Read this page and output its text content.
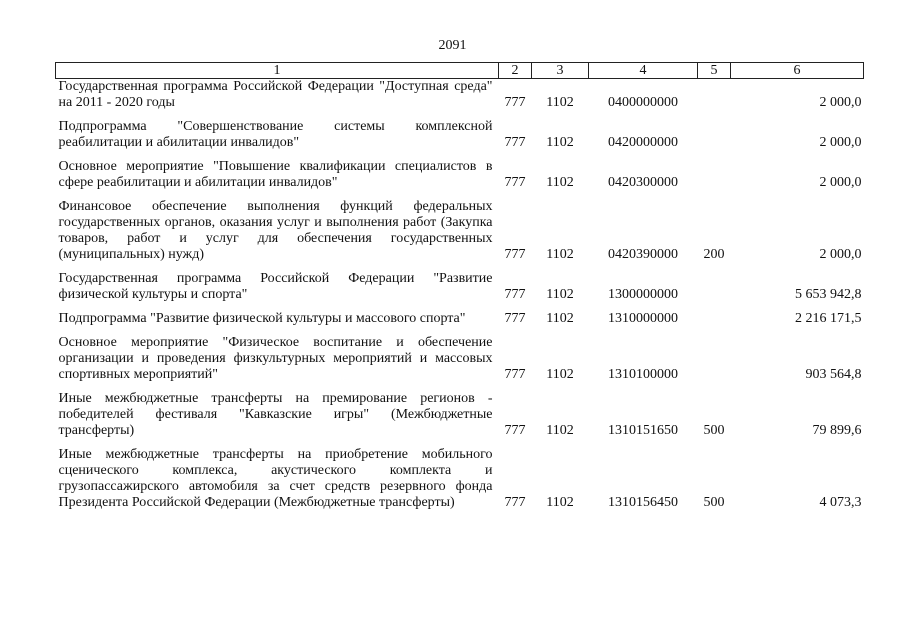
2091
1	2	3	4	5	6
Государственная программа Российской Федерации "Доступная среда" на 2011 - 2020 годы	777	1102	0400000000		2 000,0
Подпрограмма "Совершенствование системы комплексной реабилитации и абилитации инвалидов"	777	1102	0420000000		2 000,0
Основное мероприятие "Повышение квалификации специалистов в сфере реабилитации и абилитации инвалидов"	777	1102	0420300000		2 000,0
Финансовое обеспечение выполнения функций федеральных государственных органов, оказания услуг и выполнения работ (Закупка товаров, работ и услуг для обеспечения государственных (муниципальных) нужд)	777	1102	0420390000	200	2 000,0
Государственная программа Российской Федерации "Развитие физической культуры и спорта"	777	1102	1300000000		5 653 942,8
Подпрограмма "Развитие физической культуры и массового спорта"	777	1102	1310000000		2 216 171,5
Основное мероприятие "Физическое воспитание и обеспечение организации и проведения физкультурных мероприятий и массовых спортивных мероприятий"	777	1102	1310100000		903 564,8
Иные межбюджетные трансферты на премирование регионов - победителей фестиваля "Кавказские игры" (Межбюджетные трансферты)	777	1102	1310151650	500	79 899,6
Иные межбюджетные трансферты на приобретение мобильного сценического комплекса, акустического комплекта и грузопассажирского автомобиля за счет средств резервного фонда Президента Российской Федерации (Межбюджетные трансферты)	777	1102	1310156450	500	4 073,3
